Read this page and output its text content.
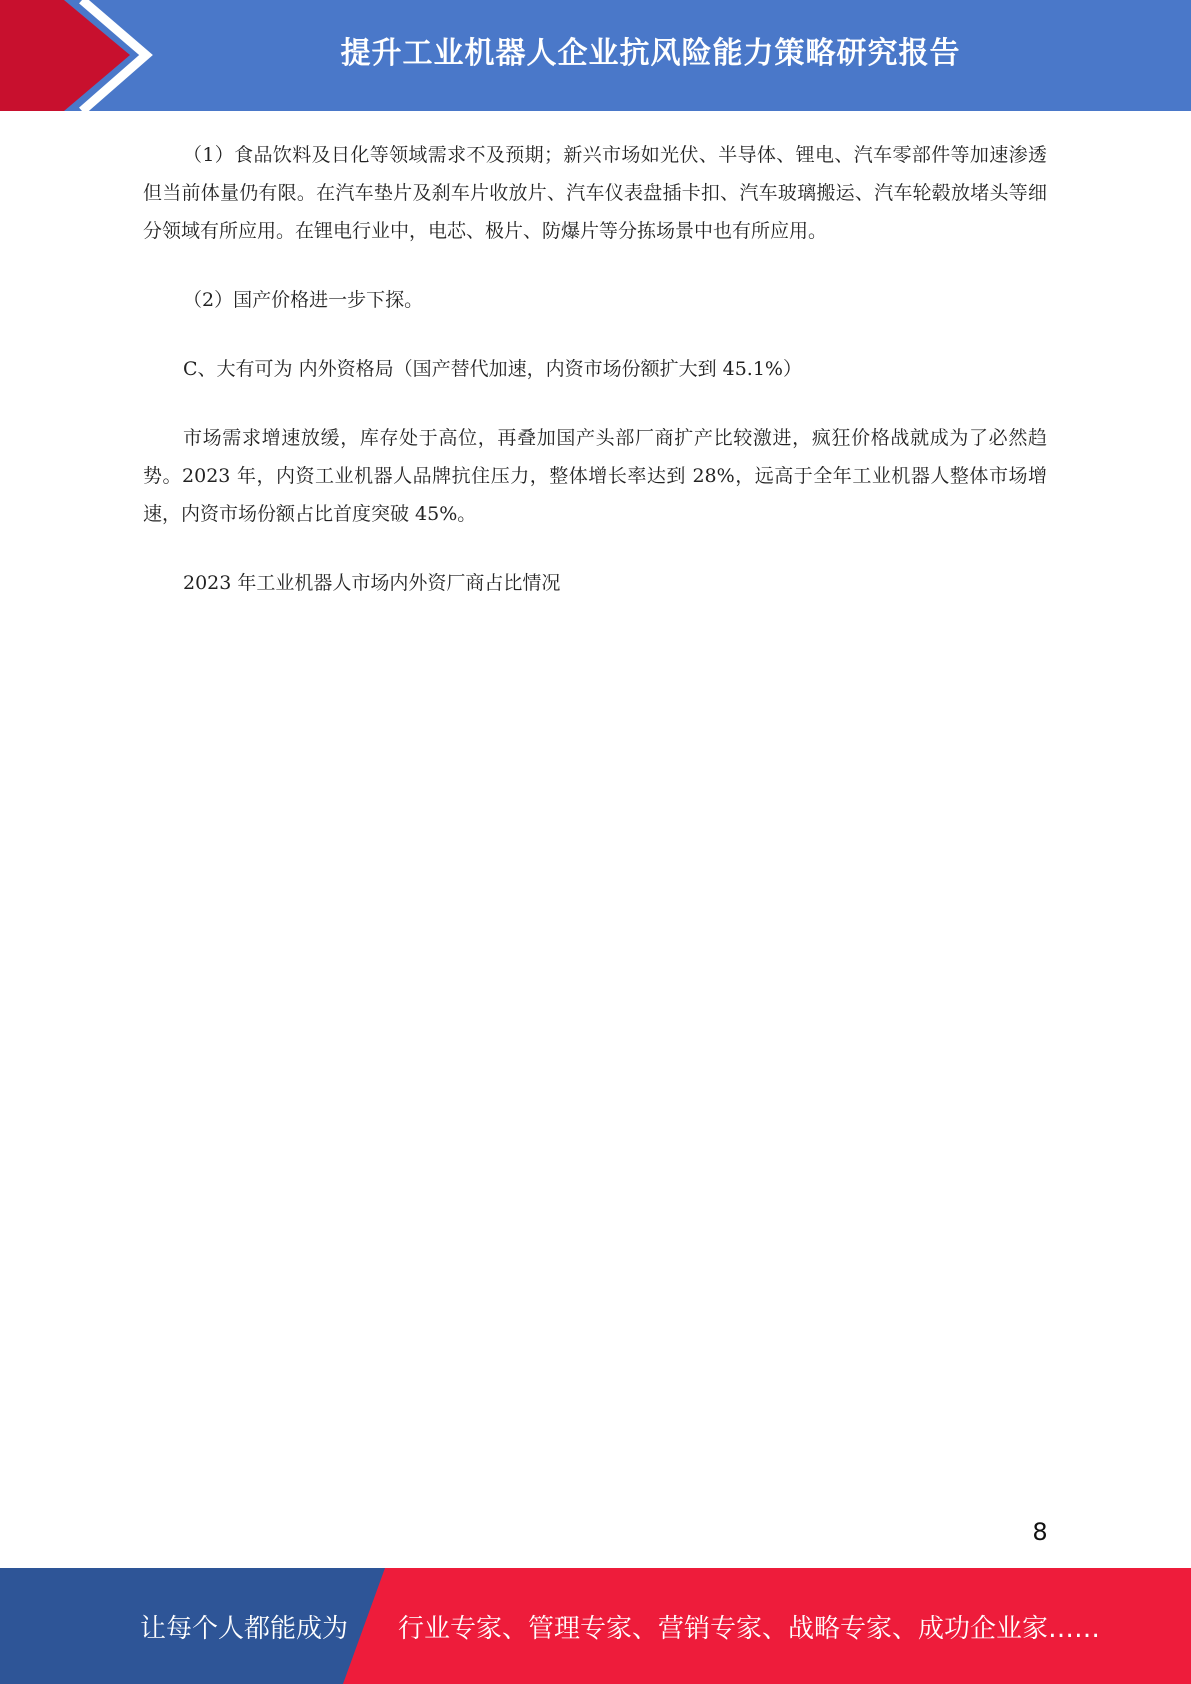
提升工业机器人企业抗风险能力策略研究报告

（1）食品饮料及日化等领域需求不及预期；新兴市场如光伏、半导体、锂电、汽车零部件等加速渗透但当前体量仍有限。在汽车垫片及刹车片收放片、汽车仪表盘插卡扣、汽车玻璃搬运、汽车轮毂放堵头等细分领域有所应用。在锂电行业中，电芯、极片、防爆片等分拣场景中也有所应用。

（2）国产价格进一步下探。

C、大有可为 内外资格局（国产替代加速，内资市场份额扩大到 45.1%）

市场需求增速放缓，库存处于高位，再叠加国产头部厂商扩产比较激进，疯狂价格战就成为了必然趋势。2023 年，内资工业机器人品牌抗住压力，整体增长率达到 28%，远高于全年工业机器人整体市场增速，内资市场份额占比首度突破 45%。

2023 年工业机器人市场内外资厂商占比情况

8
让每个人都能成为 行业专家、管理专家、营销专家、战略专家、成功企业家……
